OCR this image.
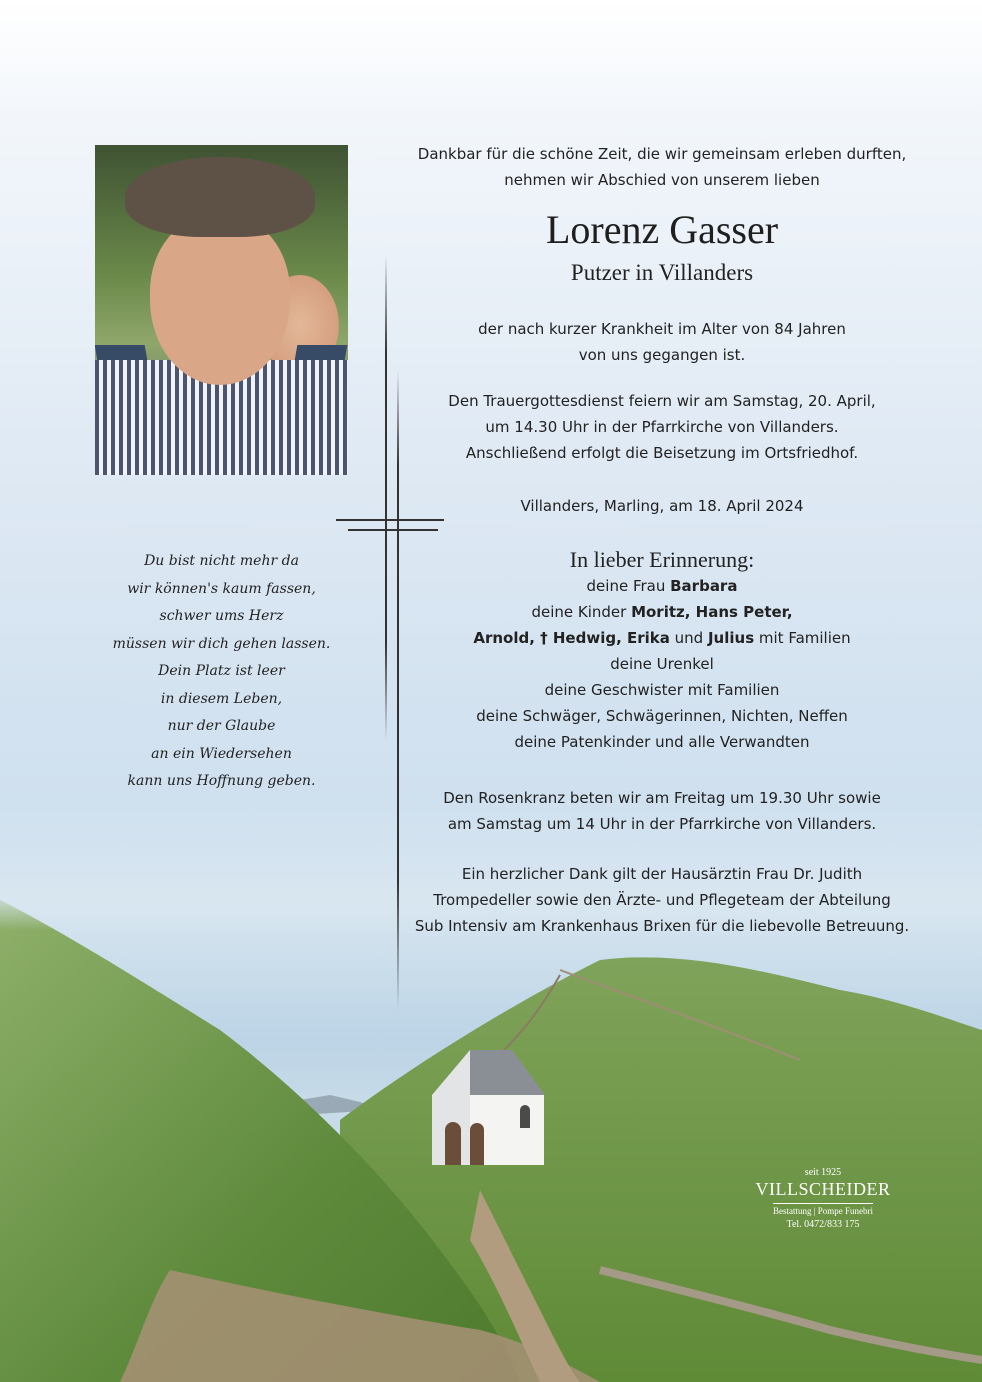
Dankbar für die schöne Zeit, die wir gemeinsam erleben durften,
nehmen wir Abschied von unserem lieben
Lorenz Gasser
Putzer in Villanders
der nach kurzer Krankheit im Alter von 84 Jahren
von uns gegangen ist.
Den Trauergottesdienst feiern wir am Samstag, 20. April,
um 14.30 Uhr in der Pfarrkirche von Villanders.
Anschließend erfolgt die Beisetzung im Ortsfriedhof.
Villanders, Marling, am 18. April 2024
In lieber Erinnerung:
deine Frau Barbara
deine Kinder Moritz, Hans Peter,
Arnold, † Hedwig, Erika und Julius mit Familien
deine Urenkel
deine Geschwister mit Familien
deine Schwäger, Schwägerinnen, Nichten, Neffen
deine Patenkinder und alle Verwandten
Den Rosenkranz beten wir am Freitag um 19.30 Uhr sowie
am Samstag um 14 Uhr in der Pfarrkirche von Villanders.
Ein herzlicher Dank gilt der Hausärztin Frau Dr. Judith
Trompedeller sowie den Ärzte- und Pflegeteam der Abteilung
Sub Intensiv am Krankenhaus Brixen für die liebevolle Betreuung.
Du bist nicht mehr da
wir können's kaum fassen,
schwer ums Herz
müssen wir dich gehen lassen.
Dein Platz ist leer
in diesem Leben,
nur der Glaube
an ein Wiedersehen
kann uns Hoffnung geben.
seit 1925
VILLSCHEIDER
Bestattung | Pompe Funebri
Tel. 0472/833 175
